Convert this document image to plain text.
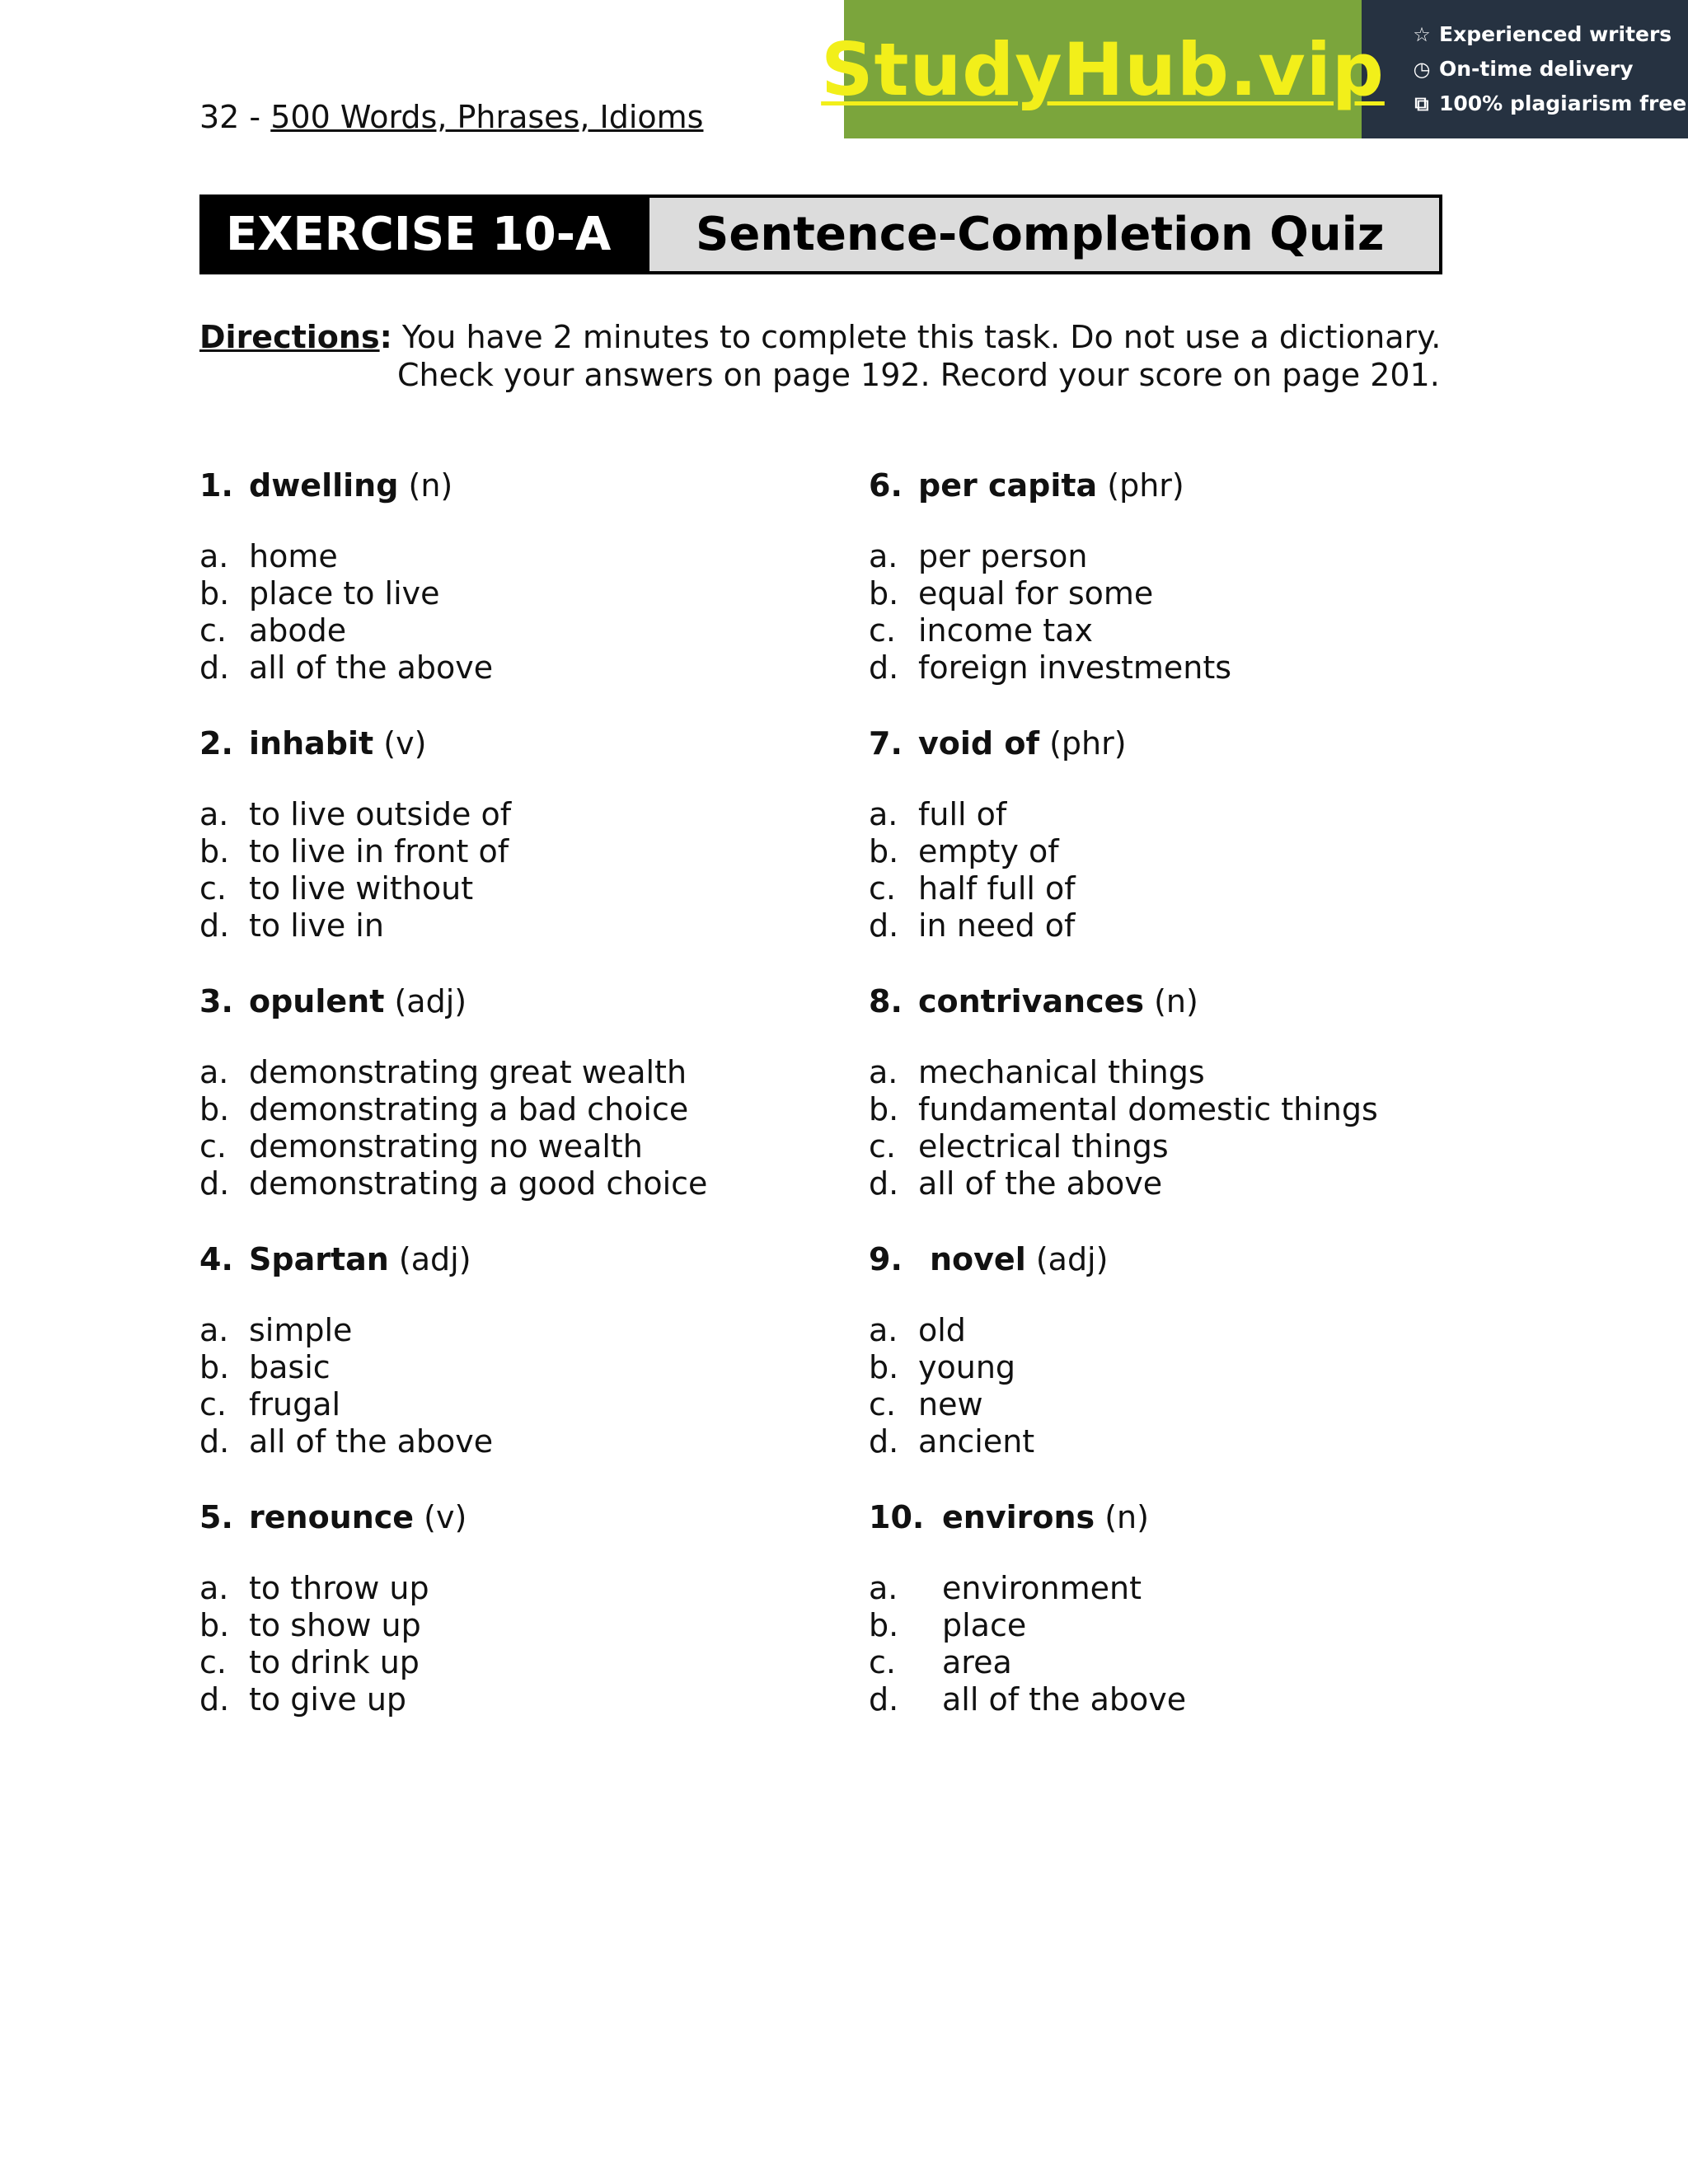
32 - 500 Words, Phrases, Idioms
StudyHub.vip ☆ Experienced writers
◷ On-time delivery
⧉ 100% plagiarism free
EXERCISE 10-A	Sentence-Completion Quiz
Directions: You have 2 minutes to complete this task. Do not use a dictionary.
Check your answers on page 192. Record your score on page 201.
1. dwelling (n)
a. home
b. place to live
c. abode
d. all of the above
2. inhabit (v)
a. to live outside of
b. to live in front of
c. to live without
d. to live in
3. opulent (adj)
a. demonstrating great wealth
b. demonstrating a bad choice
c. demonstrating no wealth
d. demonstrating a good choice
4. Spartan (adj)
a. simple
b. basic
c. frugal
d. all of the above
5. renounce (v)
a. to throw up
b. to show up
c. to drink up
d. to give up
6. per capita (phr)
a. per person
b. equal for some
c. income tax
d. foreign investments
7. void of (phr)
a. full of
b. empty of
c. half full of
d. in need of
8. contrivances (n)
a. mechanical things
b. fundamental domestic things
c. electrical things
d. all of the above
9. novel (adj)
a. old
b. young
c. new
d. ancient
10. environs (n)
a. environment
b. place
c. area
d. all of the above
